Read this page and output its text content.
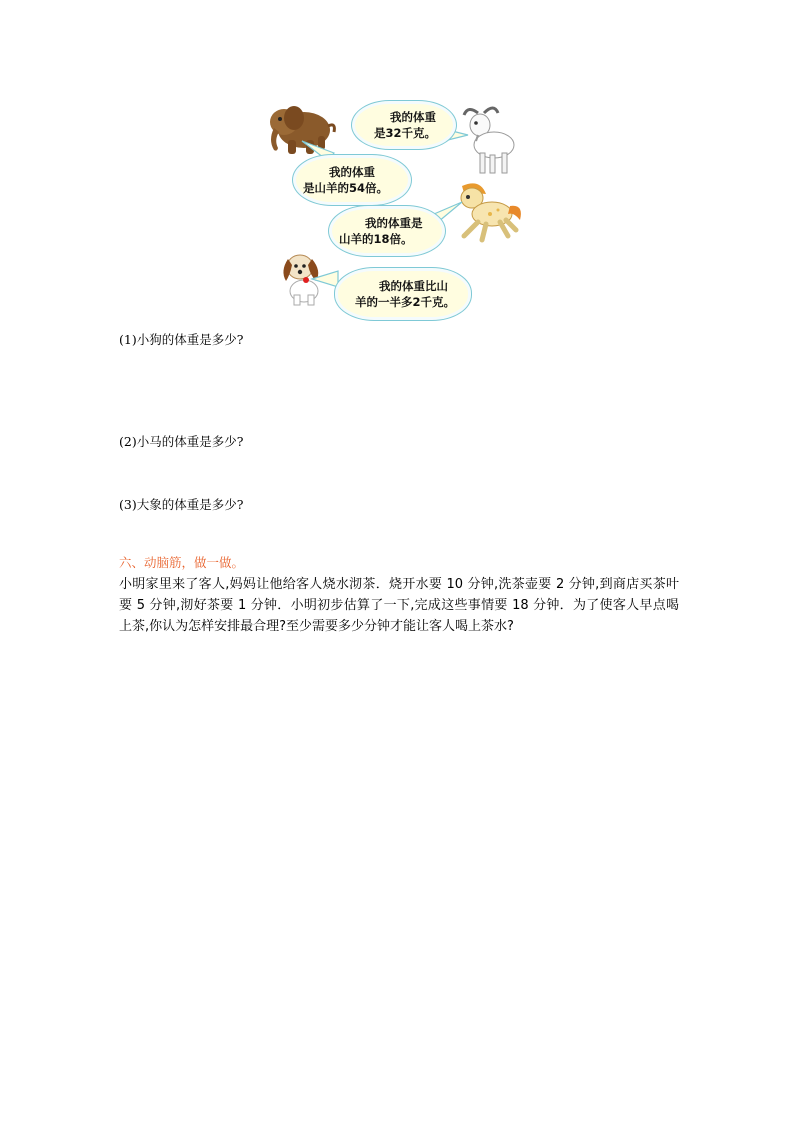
我的体重
是32千克。
我的体重
是山羊的54倍。
我的体重是
山羊的18倍。
我的体重比山
羊的一半多2千克。
(1)小狗的体重是多少?
(2)小马的体重是多少?
(3)大象的体重是多少?
六、动脑筋，做一做。
小明家里来了客人,妈妈让他给客人烧水沏茶．烧开水要 10 分钟,洗茶壶要 2 分钟,到商店买茶叶要 5 分钟,沏好茶要 1 分钟．小明初步估算了一下,完成这些事情要 18 分钟．为了使客人早点喝上茶,你认为怎样安排最合理?至少需要多少分钟才能让客人喝上茶水?
